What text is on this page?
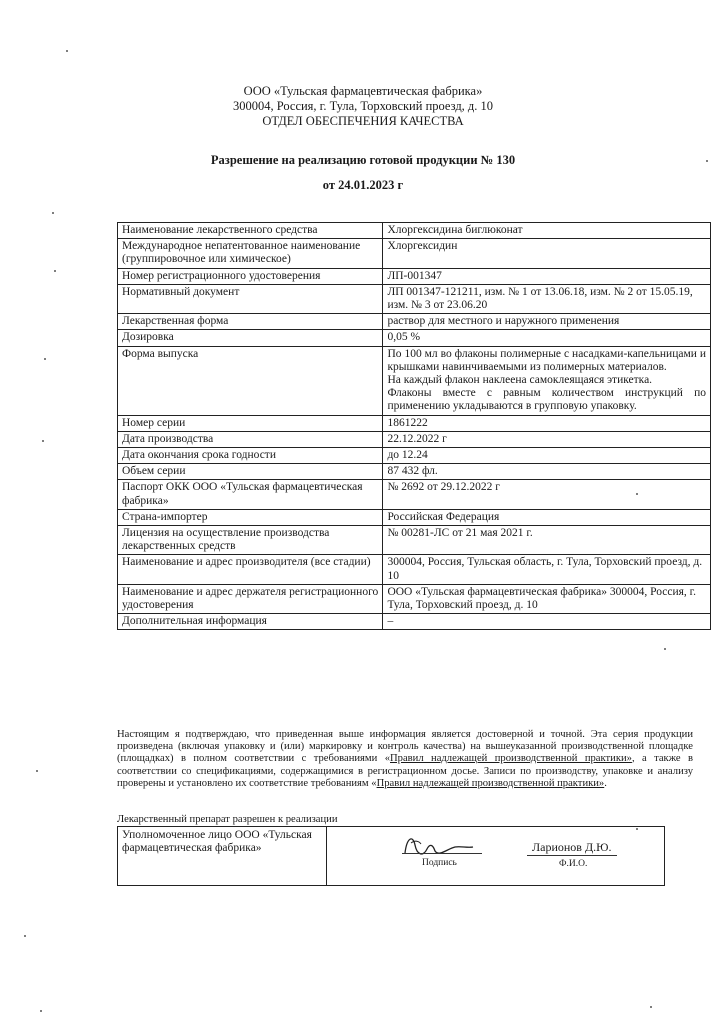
ООО «Тульская фармацевтическая фабрика»
300004, Россия, г. Тула, Торховский проезд, д. 10
ОТДЕЛ ОБЕСПЕЧЕНИЯ КАЧЕСТВА
Разрешение на реализацию готовой продукции № 130
от 24.01.2023 г
Наименование лекарственного средства	Хлоргексидина биглюконат
Международное непатентованное наименование (группировочное или химическое)	Хлоргексидин
Номер регистрационного удостоверения	ЛП-001347
Нормативный документ	ЛП 001347-121211, изм. № 1 от 13.06.18, изм. № 2 от 15.05.19, изм. № 3 от 23.06.20
Лекарственная форма	раствор для местного и наружного применения
Дозировка	0,05 %
Форма выпуска	По 100 мл во флаконы полимерные с насадками-капельницами и крышками навинчиваемыми из полимерных материалов.
На каждый флакон наклеена самоклеящаяся этикетка.
Флаконы вместе с равным количеством инструкций по применению укладываются в групповую упаковку.

Номер серии	1861222
Дата производства	22.12.2022 г
Дата окончания срока годности	до 12.24
Объем серии	87 432 фл.
Паспорт ОКК ООО «Тульская фармацевтическая фабрика»	№ 2692 от 29.12.2022 г
Страна-импортер	Российская Федерация
Лицензия на осуществление производства лекарственных средств	№ 00281-ЛС от 21 мая 2021 г.
Наименование и адрес производителя (все стадии)	300004, Россия, Тульская область, г. Тула, Торховский проезд, д. 10
Наименование и адрес держателя регистрационного удостоверения	ООО «Тульская фармацевтическая фабрика» 300004, Россия, г. Тула, Торховский проезд, д. 10
Дополнительная информация	–
Настоящим я подтверждаю, что приведенная выше информация является достоверной и точной. Эта серия продукции произведена (включая упаковку и (или) маркировку и контроль качества) на вышеуказанной производственной площадке (площадках) в полном соответствии с требованиями «Правил надлежащей производственной практики», а также в соответствии со спецификациями, содержащимися в регистрационном досье. Записи по производству, упаковке и анализу проверены и установлено их соответствие требованиям «Правил надлежащей производственной практики».
Лекарственный препарат разрешен к реализации
Уполномоченное лицо ООО «Тульская фармацевтическая фабрика»	
Подпись
Ларионов Д.Ю.
Ф.И.О.
